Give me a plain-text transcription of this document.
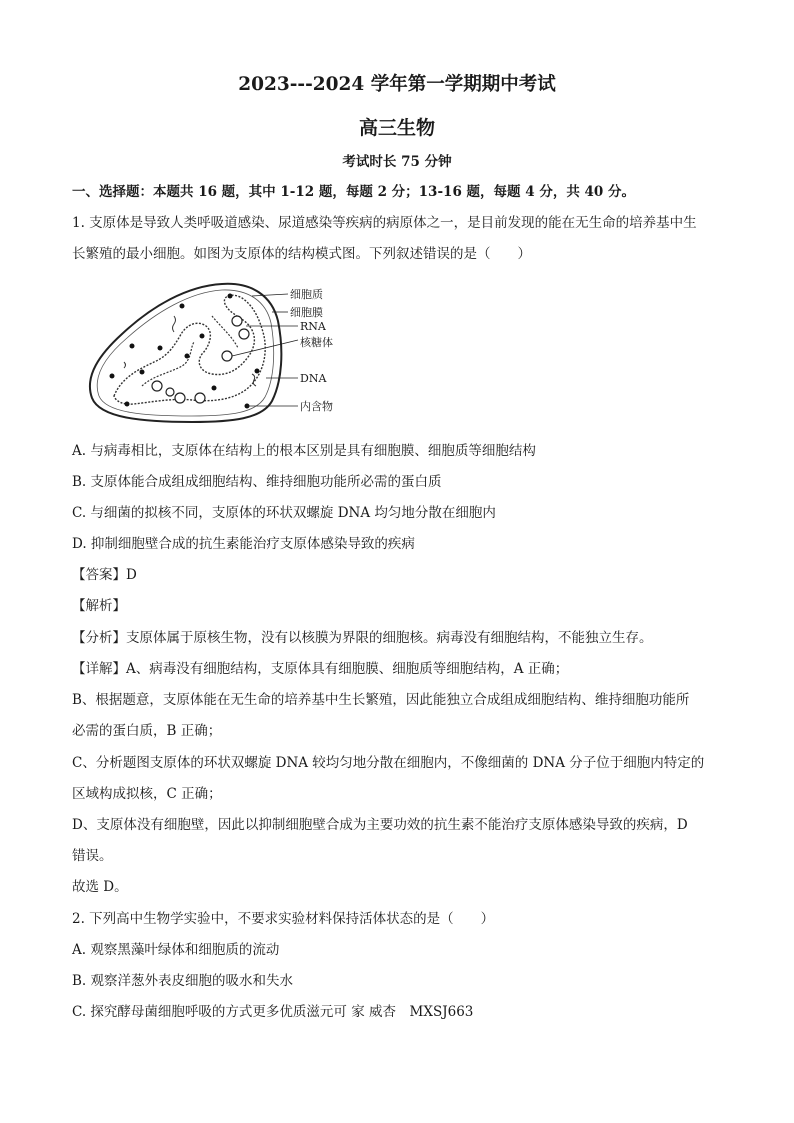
2023---2024 学年第一学期期中考试
高三生物
考试时长 75 分钟
一、选择题：本题共 16 题，其中 1-12 题，每题 2 分；13-16 题，每题 4 分，共 40 分。
1. 支原体是导致人类呼吸道感染、尿道感染等疾病的病原体之一，是目前发现的能在无生命的培养基中生
长繁殖的最小细胞。如图为支原体的结构模式图。下列叙述错误的是（　　）
细胞质
细胞膜
RNA
核糖体
DNA
内含物
A. 与病毒相比，支原体在结构上的根本区别是具有细胞膜、细胞质等细胞结构
B. 支原体能合成组成细胞结构、维持细胞功能所必需的蛋白质
C. 与细菌的拟核不同，支原体的环状双螺旋 DNA 均匀地分散在细胞内
D. 抑制细胞壁合成的抗生素能治疗支原体感染导致的疾病
【答案】D
【解析】
【分析】支原体属于原核生物，没有以核膜为界限的细胞核。病毒没有细胞结构，不能独立生存。
【详解】A、病毒没有细胞结构，支原体具有细胞膜、细胞质等细胞结构，A 正确；
B、根据题意，支原体能在无生命的培养基中生长繁殖，因此能独立合成组成细胞结构、维持细胞功能所
必需的蛋白质，B 正确；
C、分析题图支原体的环状双螺旋 DNA 较均匀地分散在细胞内，不像细菌的 DNA 分子位于细胞内特定的
区域构成拟核，C 正确；
D、支原体没有细胞壁，因此以抑制细胞壁合成为主要功效的抗生素不能治疗支原体感染导致的疾病，D
错误。
故选 D。
2. 下列高中生物学实验中，不要求实验材料保持活体状态的是（　　）
A. 观察黑藻叶绿体和细胞质的流动
B. 观察洋葱外表皮细胞的吸水和失水
C. 探究酵母菌细胞呼吸的方式更多优质滋元可 家 威杏　MXSJ663
